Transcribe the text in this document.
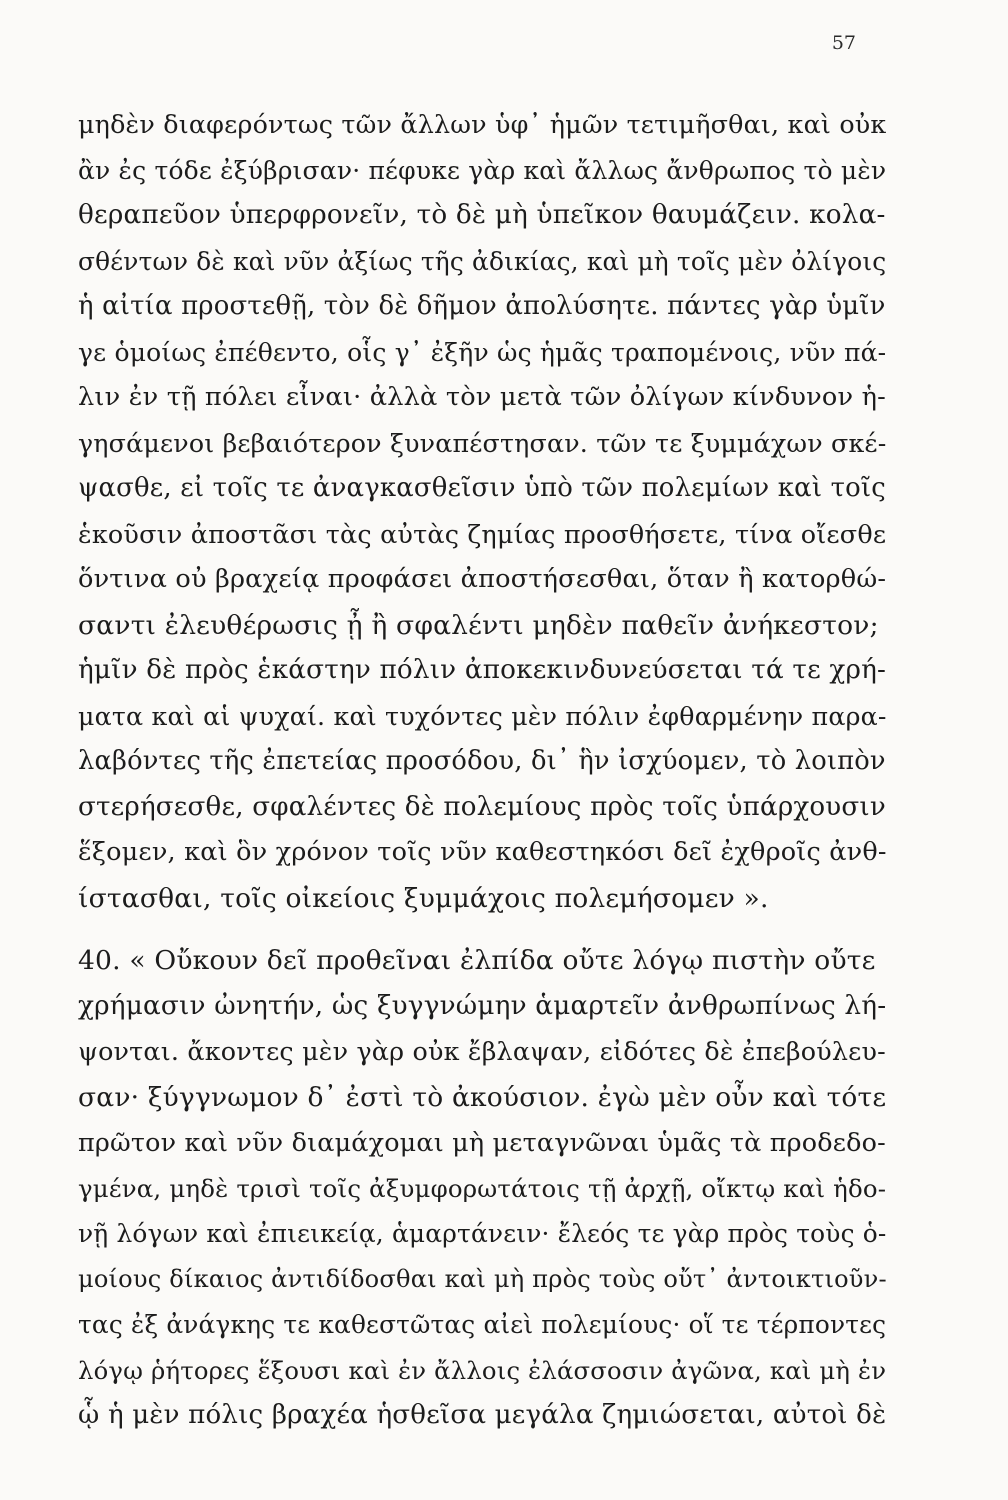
57
μηδὲν διαφερόντως τῶν ἄλλων ὑφ᾽ ἡμῶν τετιμῆσθαι, καὶ οὐκ
ἂν ἐς τόδε ἐξύβρισαν· πέφυκε γὰρ καὶ ἄλλως ἄνθρωπος τὸ μὲν
θεραπεῦον ὑπερφρονεῖν, τὸ δὲ μὴ ὑπεῖκον θαυμάζειν. κολα-
σθέντων δὲ καὶ νῦν ἀξίως τῆς ἀδικίας, καὶ μὴ τοῖς μὲν ὀλίγοις
ἡ αἰτία προστεθῇ, τὸν δὲ δῆμον ἀπολύσητε. πάντες γὰρ ὑμῖν
γε ὁμοίως ἐπέθεντο, οἷς γ᾽ ἐξῆν ὡς ἡμᾶς τραπομένοις, νῦν πά-
λιν ἐν τῇ πόλει εἶναι· ἀλλὰ τὸν μετὰ τῶν ὀλίγων κίνδυνον ἡ-
γησάμενοι βεβαιότερον ξυναπέστησαν. τῶν τε ξυμμάχων σκέ-
ψασθε, εἰ τοῖς τε ἀναγκασθεῖσιν ὑπὸ τῶν πολεμίων καὶ τοῖς
ἑκοῦσιν ἀποστᾶσι τὰς αὐτὰς ζημίας προσθήσετε, τίνα οἴεσθε
ὅντινα οὐ βραχείᾳ προφάσει ἀποστήσεσθαι, ὅταν ἢ κατορθώ-
σαντι ἐλευθέρωσις ᾖ ἢ σφαλέντι μηδὲν παθεῖν ἀνήκεστον;
ἡμῖν δὲ πρὸς ἑκάστην πόλιν ἀποκεκινδυνεύσεται τά τε χρή-
ματα καὶ αἱ ψυχαί. καὶ τυχόντες μὲν πόλιν ἐφθαρμένην παρα-
λαβόντες τῆς ἐπετείας προσόδου, δι᾽ ἣν ἰσχύομεν, τὸ λοιπὸν
στερήσεσθε, σφαλέντες δὲ πολεμίους πρὸς τοῖς ὑπάρχουσιν
ἕξομεν, καὶ ὃν χρόνον τοῖς νῦν καθεστηκόσι δεῖ ἐχθροῖς ἀνθ-
ίστασθαι, τοῖς οἰκείοις ξυμμάχοις πολεμήσομεν ».
40. « Οὔκουν δεῖ προθεῖναι ἐλπίδα οὔτε λόγῳ πιστὴν οὔτε
χρήμασιν ὠνητήν, ὡς ξυγγνώμην ἁμαρτεῖν ἀνθρωπίνως λή-
ψονται. ἄκοντες μὲν γὰρ οὐκ ἔβλαψαν, εἰδότες δὲ ἐπεβούλευ-
σαν· ξύγγνωμον δ᾽ ἐστὶ τὸ ἀκούσιον. ἐγὼ μὲν οὖν καὶ τότε
πρῶτον καὶ νῦν διαμάχομαι μὴ μεταγνῶναι ὑμᾶς τὰ προδεδο-
γμένα, μηδὲ τρισὶ τοῖς ἀξυμφορωτάτοις τῇ ἀρχῇ, οἴκτῳ καὶ ἡδο-
νῇ λόγων καὶ ἐπιεικείᾳ, ἁμαρτάνειν· ἔλεός τε γὰρ πρὸς τοὺς ὁ-
μοίους δίκαιος ἀντιδίδοσθαι καὶ μὴ πρὸς τοὺς οὔτ᾽ ἀντοικτιοῦν-
τας ἐξ ἀνάγκης τε καθεστῶτας αἰεὶ πολεμίους· οἵ τε τέρποντες
λόγῳ ῥήτορες ἕξουσι καὶ ἐν ἄλλοις ἐλάσσοσιν ἀγῶνα, καὶ μὴ ἐν
ᾧ ἡ μὲν πόλις βραχέα ἡσθεῖσα μεγάλα ζημιώσεται, αὐτοὶ δὲ
